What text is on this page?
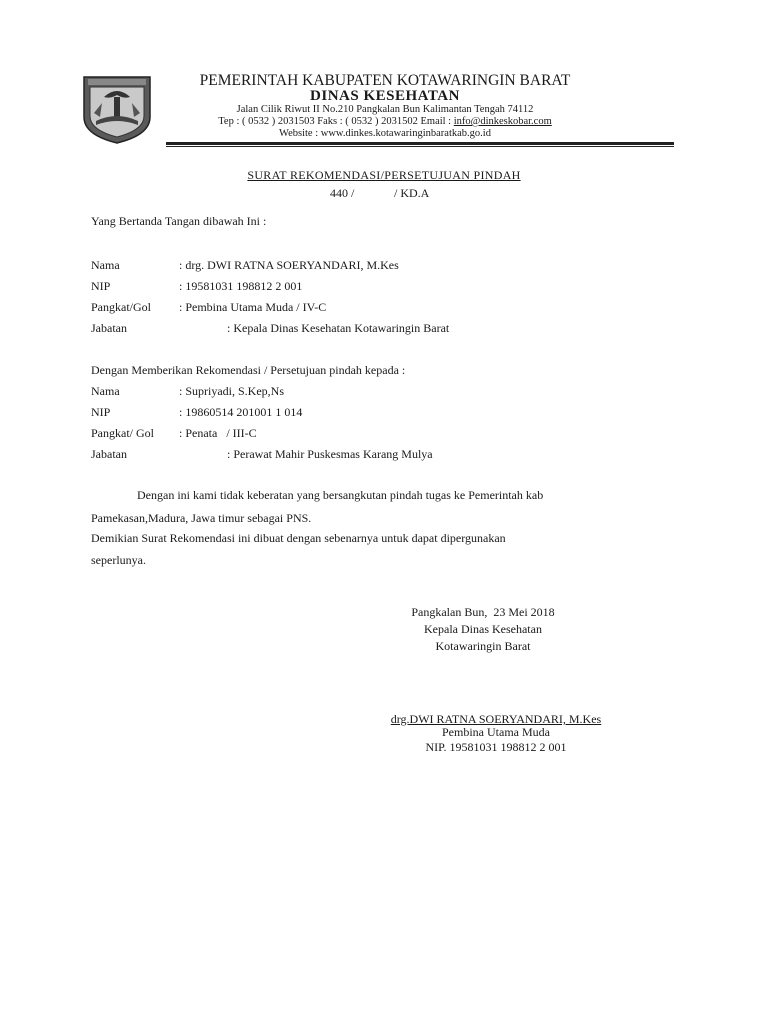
PEMERINTAH KABUPATEN KOTAWARINGIN BARAT
DINAS KESEHATAN
Jalan Cilik Riwut II No.210 Pangkalan Bun Kalimantan Tengah 74112
Tep : ( 0532 ) 2031503 Faks : ( 0532 ) 2031502 Email : info@dinkeskobar.com
Website : www.dinkes.kotawaringinbaratkab.go.id
SURAT REKOMENDASI/PERSETUJUAN PINDAH
440 /	/ KD.A
Yang Bertanda Tangan dibawah Ini :
Nama	: drg. DWI RATNA SOERYANDARI, M.Kes
NIP	: 19581031 198812 2 001
Pangkat/Gol : Pembina Utama Muda / IV-C
Jabatan	: Kepala Dinas Kesehatan Kotawaringin Barat
Dengan Memberikan Rekomendasi / Persetujuan pindah kepada :
Nama	: Supriyadi, S.Kep,Ns
NIP	: 19860514 201001 1 014
Pangkat/ Gol : Penata   / III-C
Jabatan	: Perawat Mahir Puskesmas Karang Mulya
Dengan ini kami tidak keberatan yang bersangkutan pindah tugas ke Pemerintah kab
Pamekasan,Madura, Jawa timur sebagai PNS.
Demikian Surat Rekomendasi ini dibuat dengan sebenarnya untuk dapat dipergunakan
seperlunya.
Pangkalan Bun,  23 Mei 2018
Kepala Dinas Kesehatan
Kotawaringin Barat
drg.DWI RATNA SOERYANDARI, M.Kes
Pembina Utama Muda
NIP. 19581031 198812 2 001
